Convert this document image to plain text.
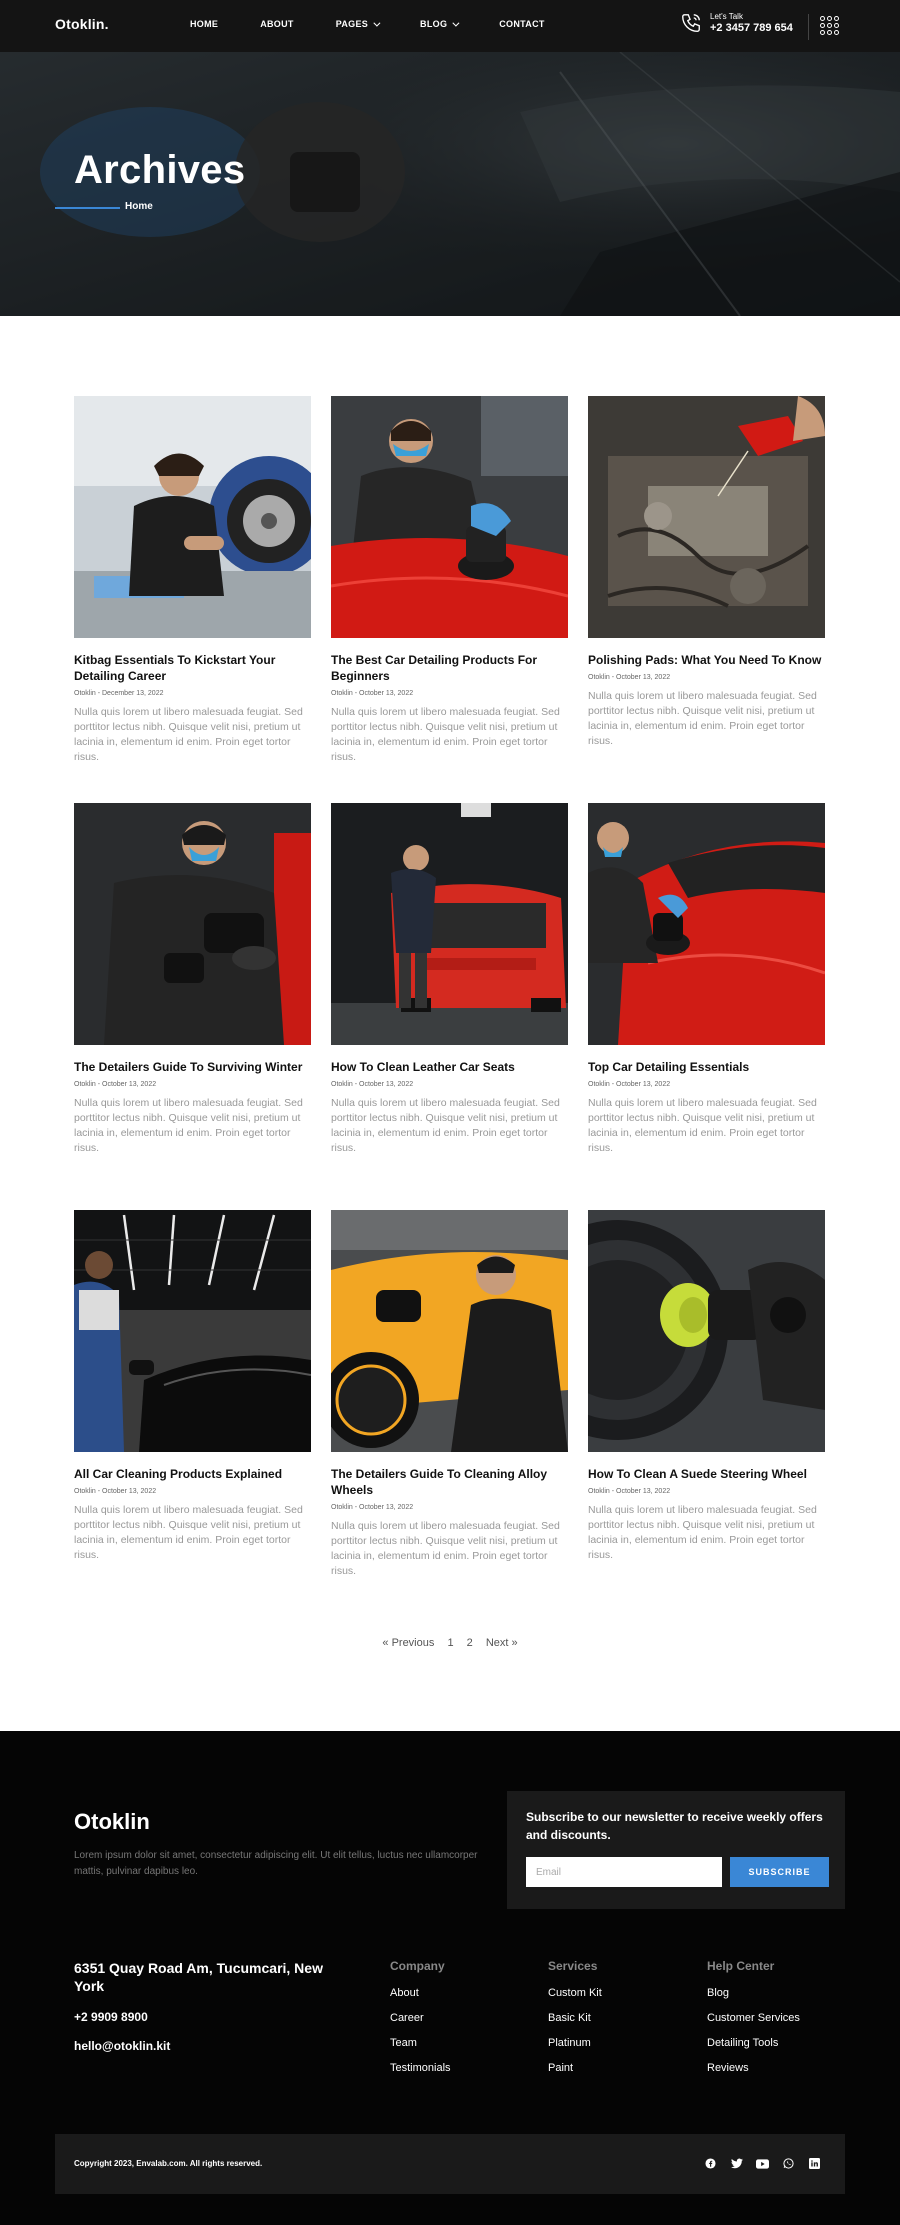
Otoklin.	HOME	ABOUT	PAGES	BLOG	CONTACT
Let's Talk
+2 3457 789 654
Archives
Home
Kitbag Essentials To Kickstart Your Detailing Career
Otoklin - December 13, 2022
Nulla quis lorem ut libero malesuada feugiat. Sed porttitor lectus nibh. Quisque velit nisi, pretium ut lacinia in, elementum id enim. Proin eget tortor risus.
The Best Car Detailing Products For Beginners
Otoklin - October 13, 2022
Nulla quis lorem ut libero malesuada feugiat. Sed porttitor lectus nibh. Quisque velit nisi, pretium ut lacinia in, elementum id enim. Proin eget tortor risus.
Polishing Pads: What You Need To Know
Otoklin - October 13, 2022
Nulla quis lorem ut libero malesuada feugiat. Sed porttitor lectus nibh. Quisque velit nisi, pretium ut lacinia in, elementum id enim. Proin eget tortor risus.
The Detailers Guide To Surviving Winter
Otoklin - October 13, 2022
Nulla quis lorem ut libero malesuada feugiat. Sed porttitor lectus nibh. Quisque velit nisi, pretium ut lacinia in, elementum id enim. Proin eget tortor risus.
How To Clean Leather Car Seats
Otoklin - October 13, 2022
Nulla quis lorem ut libero malesuada feugiat. Sed porttitor lectus nibh. Quisque velit nisi, pretium ut lacinia in, elementum id enim. Proin eget tortor risus.
Top Car Detailing Essentials
Otoklin - October 13, 2022
Nulla quis lorem ut libero malesuada feugiat. Sed porttitor lectus nibh. Quisque velit nisi, pretium ut lacinia in, elementum id enim. Proin eget tortor risus.
All Car Cleaning Products Explained
Otoklin - October 13, 2022
Nulla quis lorem ut libero malesuada feugiat. Sed porttitor lectus nibh. Quisque velit nisi, pretium ut lacinia in, elementum id enim. Proin eget tortor risus.
The Detailers Guide To Cleaning Alloy Wheels
Otoklin - October 13, 2022
Nulla quis lorem ut libero malesuada feugiat. Sed porttitor lectus nibh. Quisque velit nisi, pretium ut lacinia in, elementum id enim. Proin eget tortor risus.
How To Clean A Suede Steering Wheel
Otoklin - October 13, 2022
Nulla quis lorem ut libero malesuada feugiat. Sed porttitor lectus nibh. Quisque velit nisi, pretium ut lacinia in, elementum id enim. Proin eget tortor risus.
« Previous 1 2 Next »
Otoklin
Lorem ipsum dolor sit amet, consectetur adipiscing elit. Ut elit tellus, luctus nec ullamcorper mattis, pulvinar dapibus leo.
Subscribe to our newsletter to receive weekly offers and discounts.
Email
SUBSCRIBE
6351 Quay Road Am, Tucumcari, New York
+2 9909 8900
hello@otoklin.kit
Company
About
Career
Team
Testimonials
Services
Custom Kit
Basic Kit
Platinum
Paint
Help Center
Blog
Customer Services
Detailing Tools
Reviews
Copyright 2023, Envalab.com. All rights reserved.
